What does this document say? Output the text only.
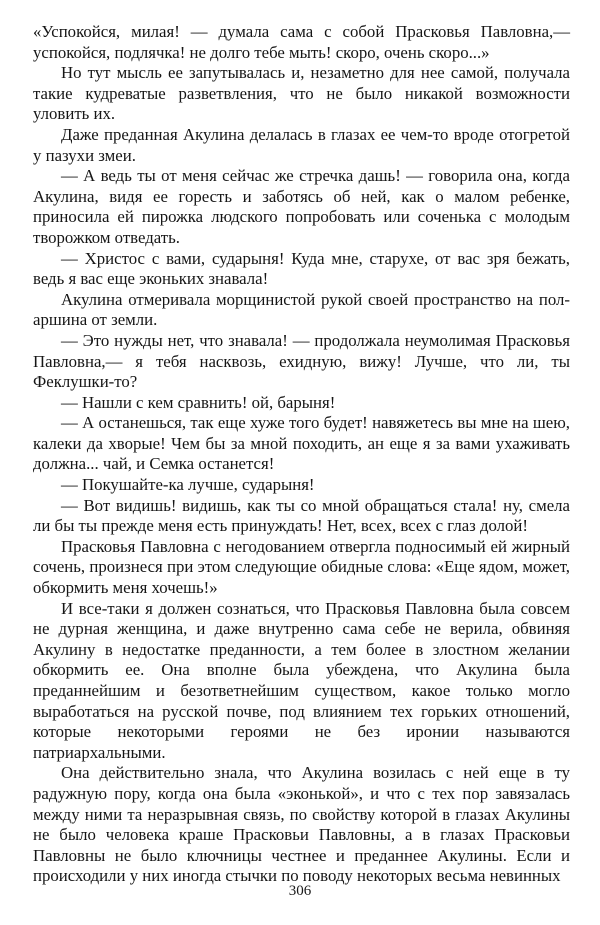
«Успокойся, милая! — думала сама с собой Прасковья Павловна,— успокойся, подлячка! не долго тебе мыть! скоро, очень скоро...»

Но тут мысль ее запутывалась и, незаметно для нее самой, получала такие кудреватые разветвления, что не было никакой возможности уловить их.

Даже преданная Акулина делалась в глазах ее чем-то вроде отогретой у пазухи змеи.

— А ведь ты от меня сейчас же стречка дашь! — говорила она, когда Акулина, видя ее горесть и заботясь об ней, как о малом ребенке, приносила ей пирожка людского попробовать или соченька с молодым творожком отведать.

— Христос с вами, сударыня! Куда мне, старухе, от вас зря бежать, ведь я вас еще эконьких знавала!

Акулина отмеривала морщинистой рукой своей пространство на пол-аршина от земли.

— Это нужды нет, что знавала! — продолжала неумолимая Прасковья Павловна,— я тебя насквозь, ехидную, вижу! Лучше, что ли, ты Феклушки-то?

— Нашли с кем сравнить! ой, барыня!

— А останешься, так еще хуже того будет! навяжетесь вы мне на шею, калеки да хворые! Чем бы за мной походить, ан еще я за вами ухаживать должна... чай, и Семка останется!

— Покушайте-ка лучше, сударыня!

— Вот видишь! видишь, как ты со мной обращаться стала! ну, смела ли бы ты прежде меня есть принуждать! Нет, всех, всех с глаз долой!

Прасковья Павловна с негодованием отвергла подносимый ей жирный сочень, произнеся при этом следующие обидные слова: «Еще ядом, может, обкормить меня хочешь!»

И все-таки я должен сознаться, что Прасковья Павловна была совсем не дурная женщина, и даже внутренно сама себе не верила, обвиняя Акулину в недостатке преданности, а тем более в злостном желании обкормить ее. Она вполне была убеждена, что Акулина была преданнейшим и безответнейшим существом, какое только могло выработаться на русской почве, под влиянием тех горьких отношений, которые некоторыми героями не без иронии называются патриархальными.

Она действительно знала, что Акулина возилась с ней еще в ту радужную пору, когда она была «эконькой», и что с тех пор завязалась между ними та неразрывная связь, по свойству которой в глазах Акулины не было человека краше Прасковьи Павловны, а в глазах Прасковьи Павловны не было ключницы честнее и преданнее Акулины. Если и происходили у них иногда стычки по поводу некоторых весьма невинных

306
